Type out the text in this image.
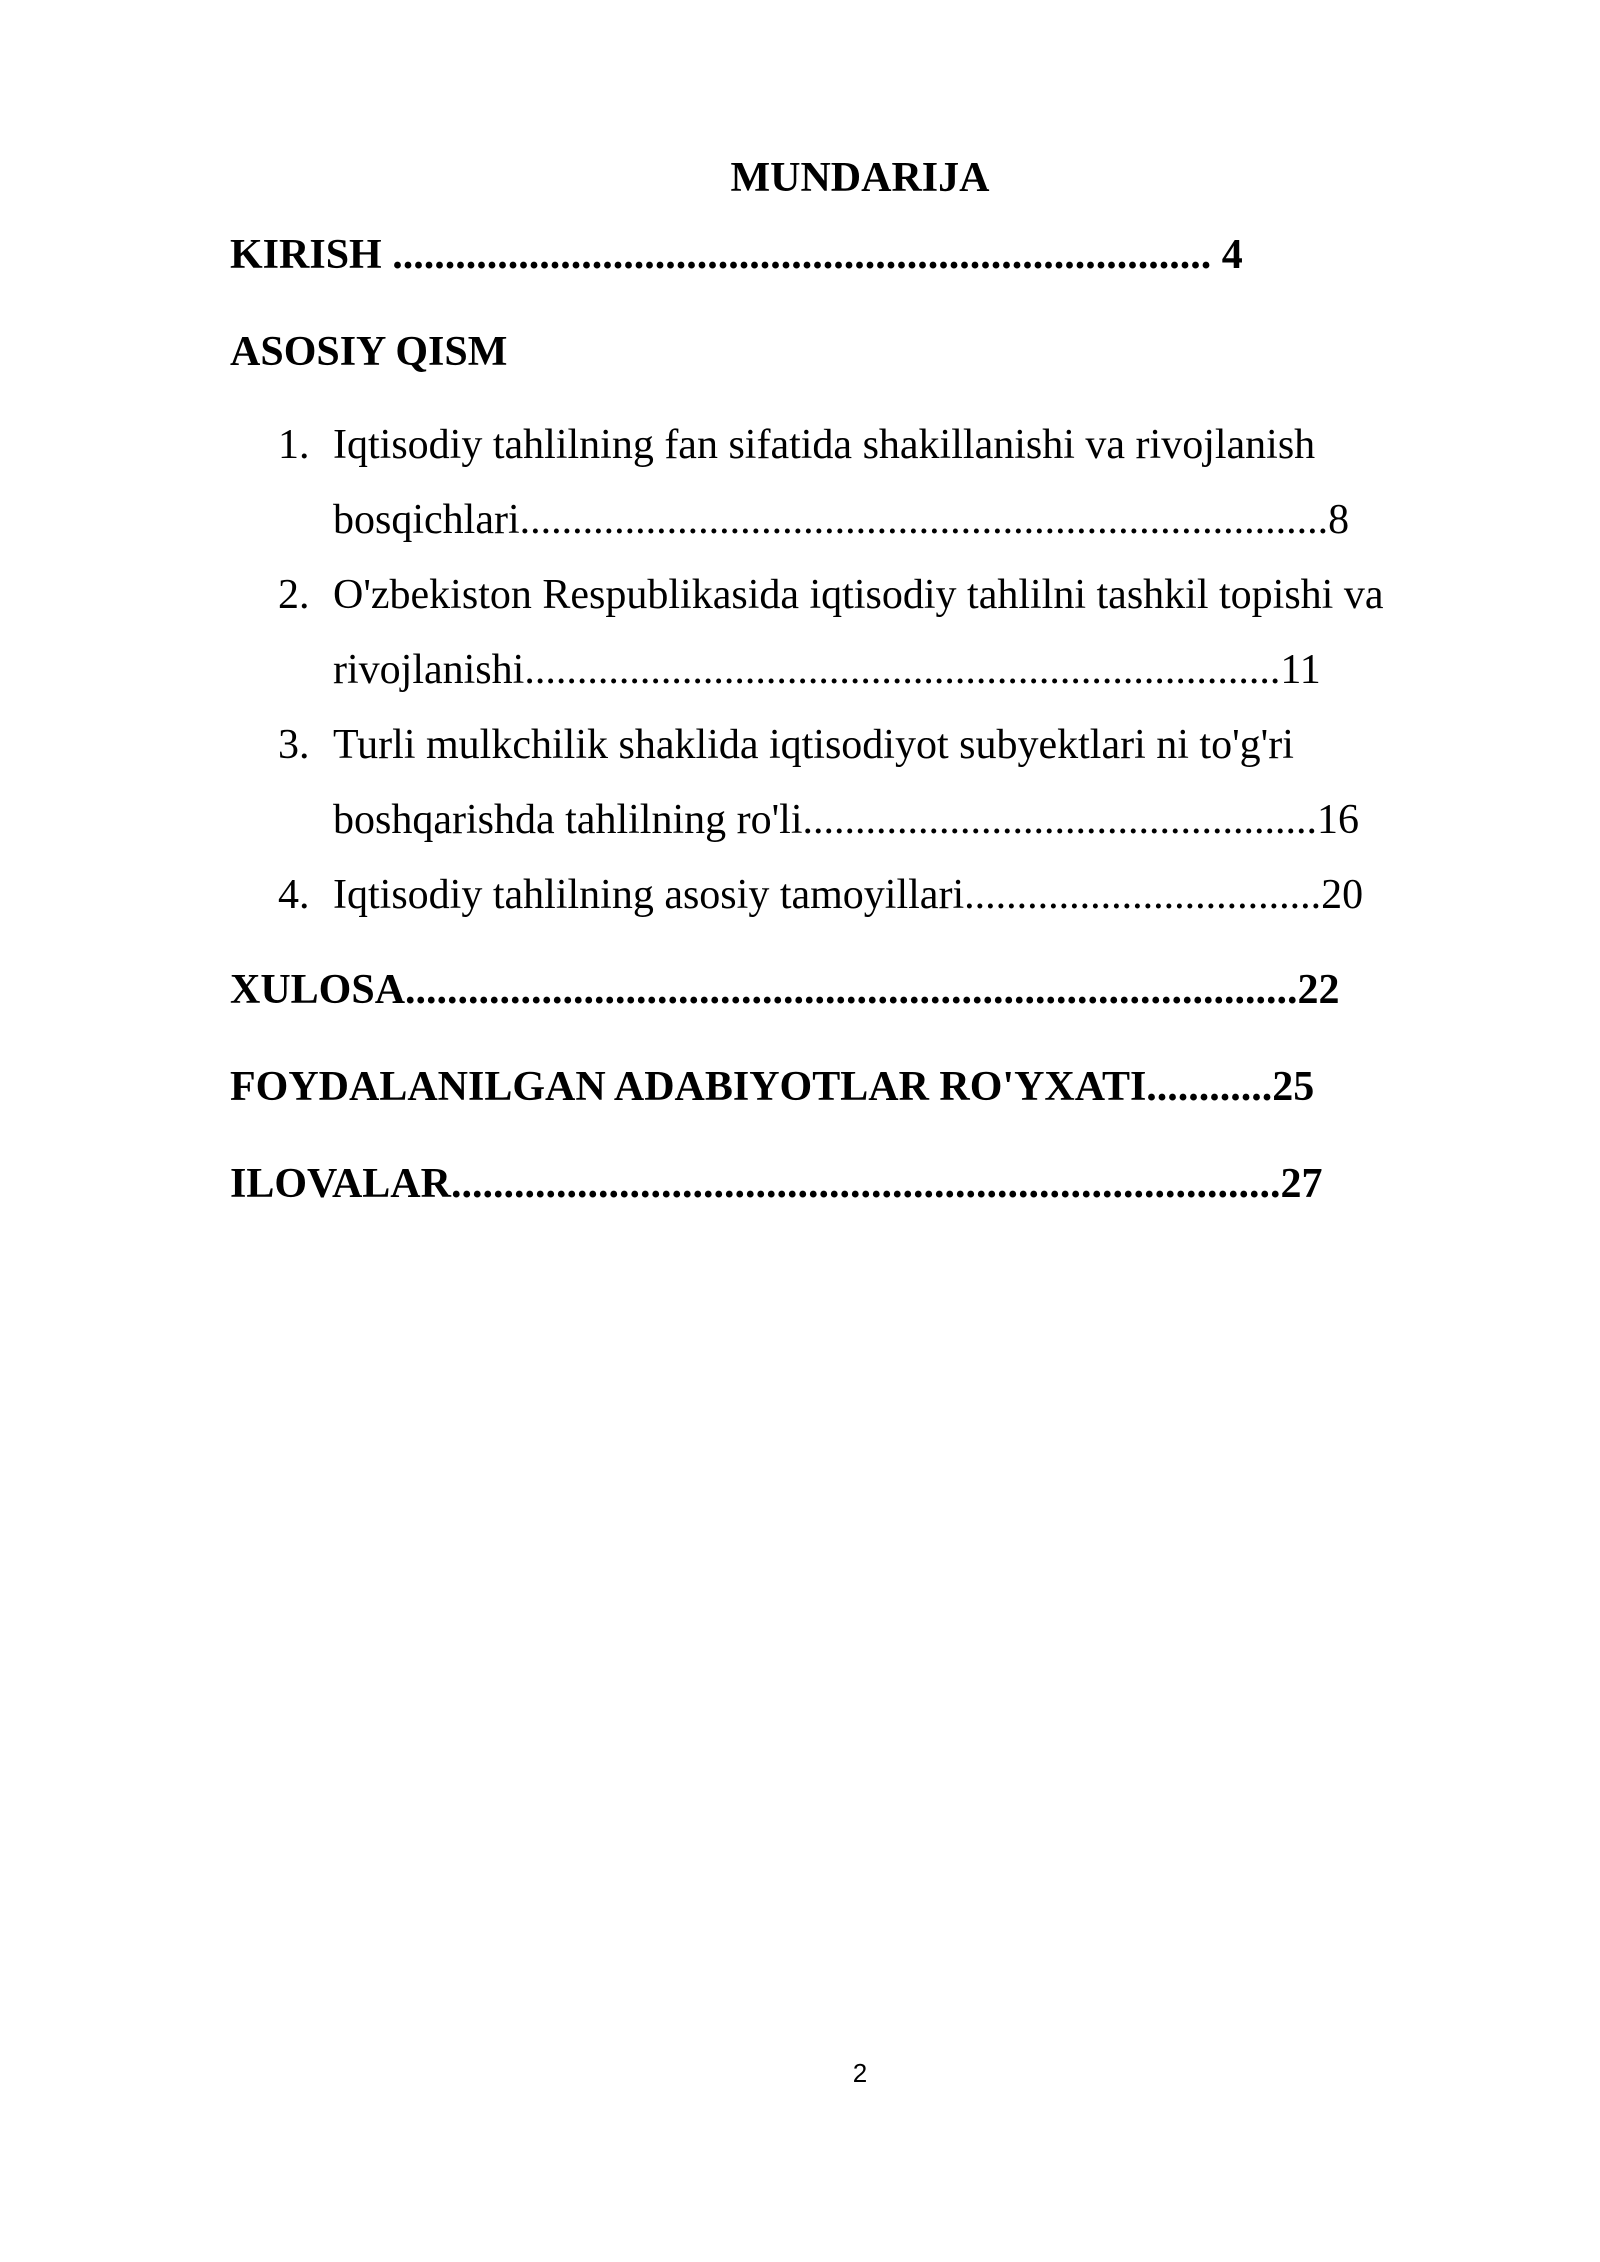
MUNDARIJA

KIRISH .............................................................................. 4

ASOSIY QISM

1. Iqtisodiy tahlilning fan sifatida shakillanishi va rivojlanish
bosqichlari.............................................................................8
2. O'zbekiston Respublikasida iqtisodiy tahlilni tashkil topishi va
rivojlanishi........................................................................11
3. Turli mulkchilik shaklida iqtisodiyot subyektlari ni to'g'ri
boshqarishda tahlilning ro'li.................................................16
4. Iqtisodiy tahlilning asosiy tamoyillari..................................20

XULOSA.....................................................................................22

FOYDALANILGAN ADABIYOTLAR RO'YXATI............25

ILOVALAR...............................................................................27

2
